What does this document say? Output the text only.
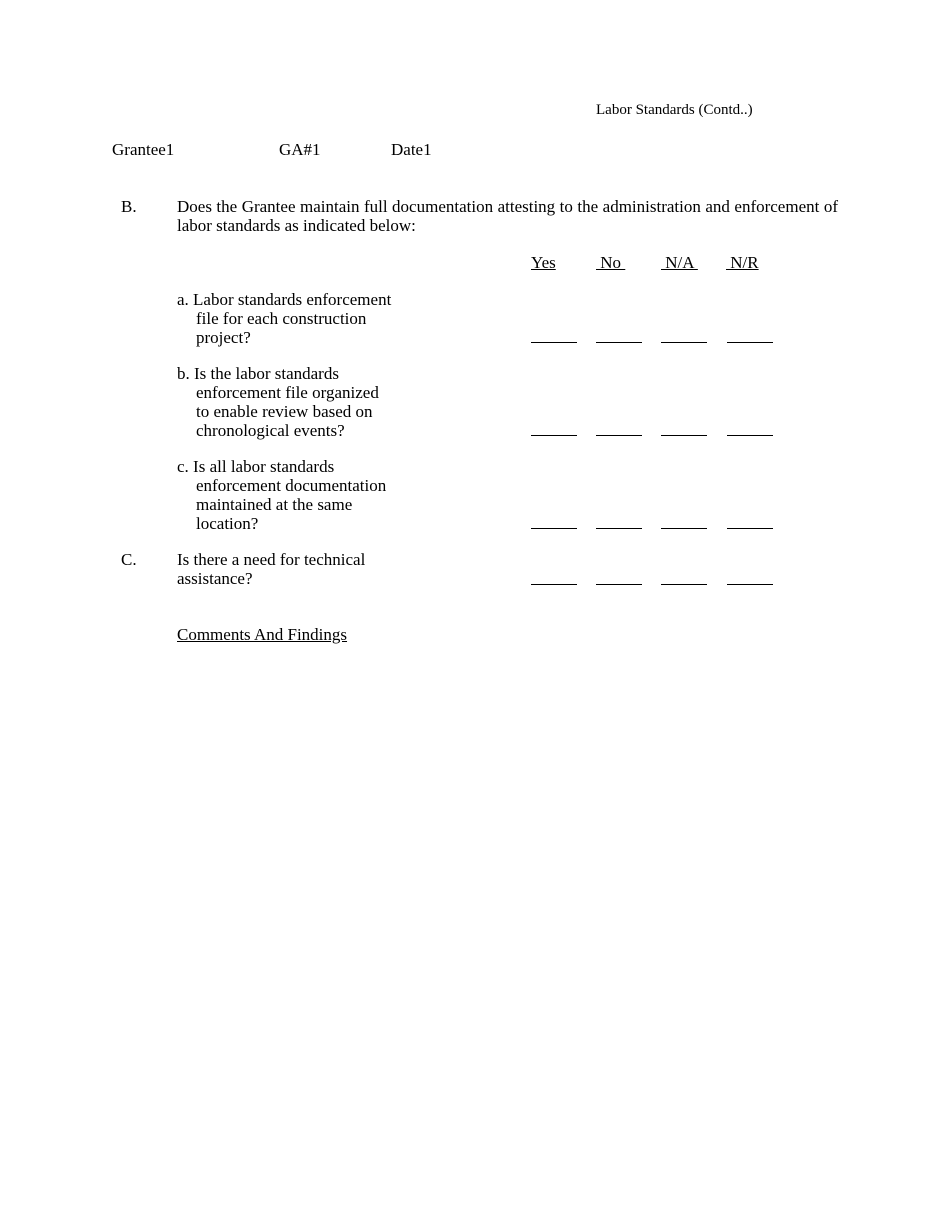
Labor Standards (Contd..)
Grantee1	GA#1	Date1
B. Does the Grantee maintain full documentation attesting to the administration and enforcement of labor standards as indicated below:
Yes No N/A N/R
a. Labor standards enforcement
file for each construction
project?
b. Is the labor standards
enforcement file organized
to enable review based on
chronological events?
c. Is all labor standards
enforcement documentation
maintained at the same
location?
C. Is there a need for technical
assistance?
Comments And Findings
